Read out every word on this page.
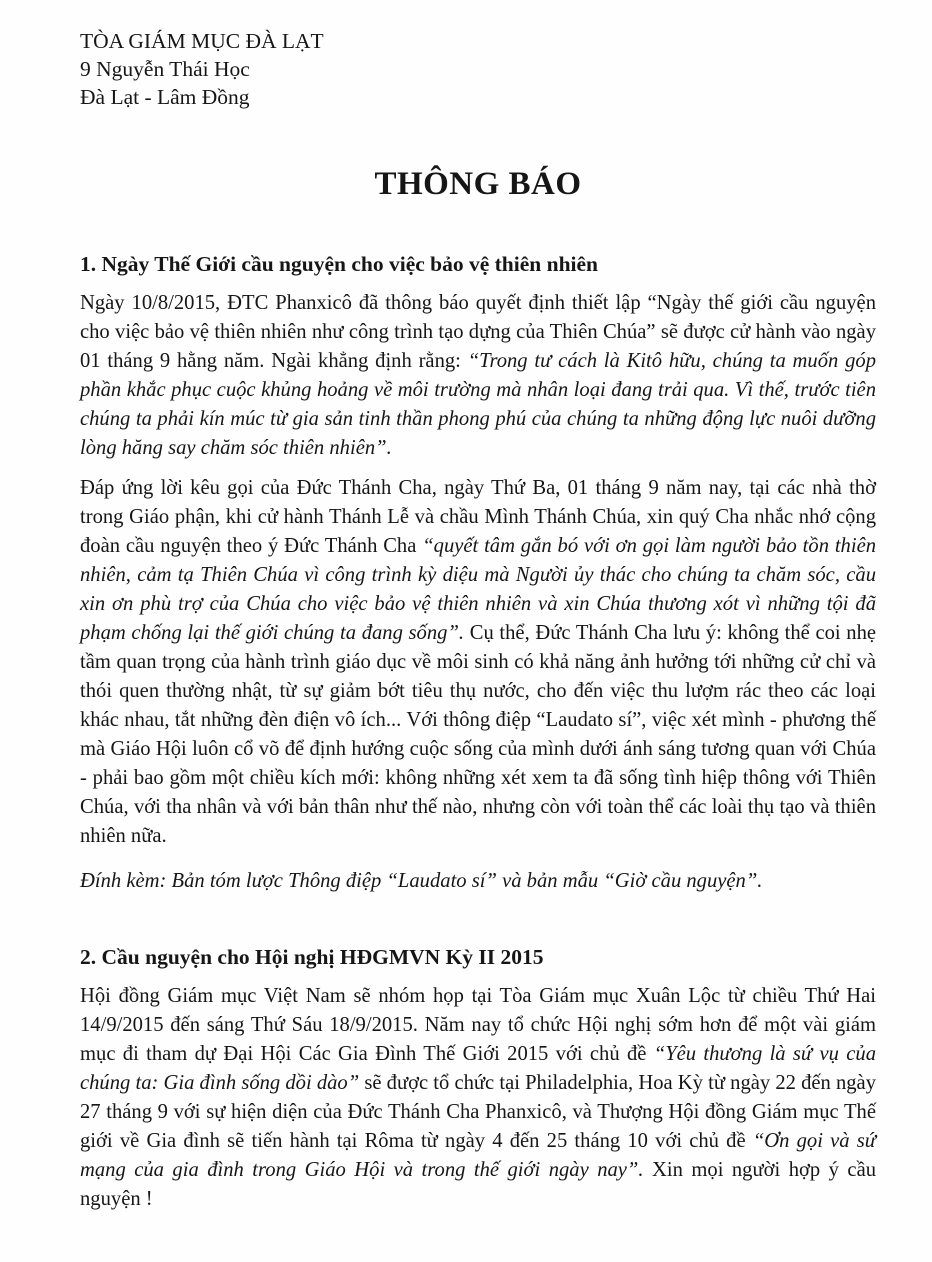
TÒA GIÁM MỤC ĐÀ LẠT
9 Nguyễn Thái Học
Đà Lạt - Lâm Đồng
THÔNG BÁO
1. Ngày Thế Giới cầu nguyện cho việc bảo vệ thiên nhiên

Ngày 10/8/2015, ĐTC Phanxicô đã thông báo quyết định thiết lập “Ngày thế giới cầu nguyện cho việc bảo vệ thiên nhiên như công trình tạo dựng của Thiên Chúa” sẽ được cử hành vào ngày 01 tháng 9 hằng năm. Ngài khẳng định rằng: “Trong tư cách là Kitô hữu, chúng ta muốn góp phần khắc phục cuộc khủng hoảng về môi trường mà nhân loại đang trải qua. Vì thế, trước tiên chúng ta phải kín múc từ gia sản tinh thần phong phú của chúng ta những động lực nuôi dưỡng lòng hăng say chăm sóc thiên nhiên”.

Đáp ứng lời kêu gọi của Đức Thánh Cha, ngày Thứ Ba, 01 tháng 9 năm nay, tại các nhà thờ trong Giáo phận, khi cử hành Thánh Lễ và chầu Mình Thánh Chúa, xin quý Cha nhắc nhớ cộng đoàn cầu nguyện theo ý Đức Thánh Cha “quyết tâm gắn bó với ơn gọi làm người bảo tồn thiên nhiên, cảm tạ Thiên Chúa vì công trình kỳ diệu mà Người ủy thác cho chúng ta chăm sóc, cầu xin ơn phù trợ của Chúa cho việc bảo vệ thiên nhiên và xin Chúa thương xót vì những tội đã phạm chống lại thế giới chúng ta đang sống”. Cụ thể, Đức Thánh Cha lưu ý: không thể coi nhẹ tầm quan trọng của hành trình giáo dục về môi sinh có khả năng ảnh hưởng tới những cử chỉ và thói quen thường nhật, từ sự giảm bớt tiêu thụ nước, cho đến việc thu lượm rác theo các loại khác nhau, tắt những đèn điện vô ích... Với thông điệp “Laudato sí”, việc xét mình - phương thế mà Giáo Hội luôn cổ võ để định hướng cuộc sống của mình dưới ánh sáng tương quan với Chúa - phải bao gồm một chiều kích mới: không những xét xem ta đã sống tình hiệp thông với Thiên Chúa, với tha nhân và với bản thân như thế nào, nhưng còn với toàn thể các loài thụ tạo và thiên nhiên nữa.

Đính kèm: Bản tóm lược Thông điệp “Laudato sí” và bản mẫu “Giờ cầu nguyện”.

2. Cầu nguyện cho Hội nghị HĐGMVN Kỳ II 2015

Hội đồng Giám mục Việt Nam sẽ nhóm họp tại Tòa Giám mục Xuân Lộc từ chiều Thứ Hai 14/9/2015 đến sáng Thứ Sáu 18/9/2015. Năm nay tổ chức Hội nghị sớm hơn để một vài giám mục đi tham dự Đại Hội Các Gia Đình Thế Giới 2015 với chủ đề “Yêu thương là sứ vụ của chúng ta: Gia đình sống dồi dào” sẽ được tổ chức tại Philadelphia, Hoa Kỳ từ ngày 22 đến ngày 27 tháng 9 với sự hiện diện của Đức Thánh Cha Phanxicô, và Thượng Hội đồng Giám mục Thế giới về Gia đình sẽ tiến hành tại Rôma từ ngày 4 đến 25 tháng 10 với chủ đề “Ơn gọi và sứ mạng của gia đình trong Giáo Hội và trong thế giới ngày nay”. Xin mọi người hợp ý cầu nguyện !
